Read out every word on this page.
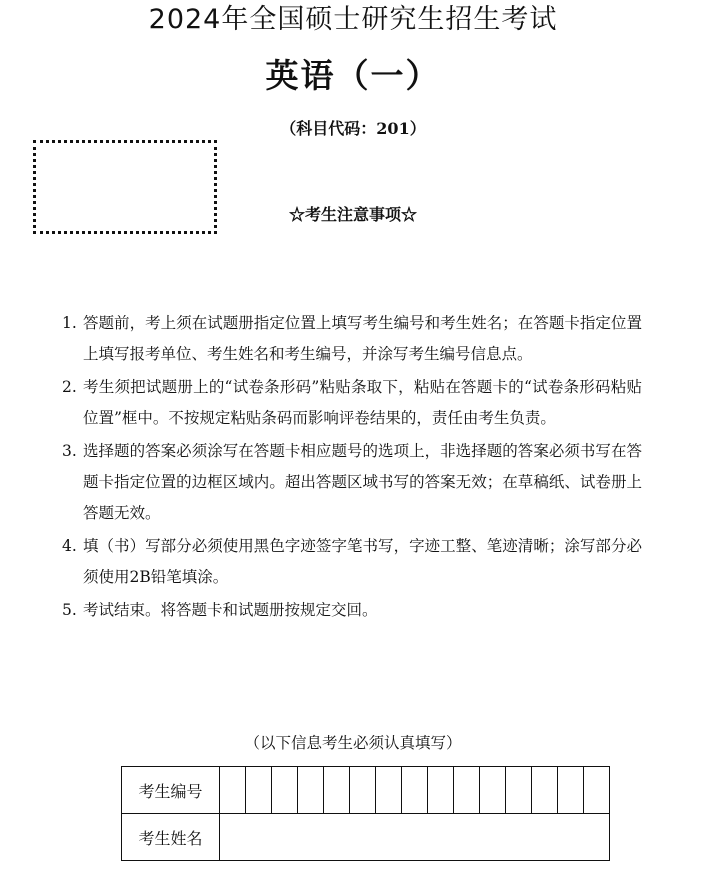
2024年全国硕士研究生招生考试
英语（一）
（科目代码：201）
☆考生注意事项☆
1. 答题前，考上须在试题册指定位置上填写考生编号和考生姓名；在答题卡指定位置上填写报考单位、考生姓名和考生编号，并涂写考生编号信息点。
2. 考生须把试题册上的“试卷条形码”粘贴条取下，粘贴在答题卡的“试卷条形码粘贴位置”框中。不按规定粘贴条码而影响评卷结果的，责任由考生负责。
3. 选择题的答案必须涂写在答题卡相应题号的选项上，非选择题的答案必须书写在答题卡指定位置的边框区域内。超出答题区域书写的答案无效；在草稿纸、试卷册上答题无效。
4. 填（书）写部分必须使用黑色字迹签字笔书写，字迹工整、笔迹清晰；涂写部分必须使用2B铅笔填涂。
5. 考试结束。将答题卡和试题册按规定交回。
（以下信息考生必须认真填写）
考生编号															
考生姓名															
